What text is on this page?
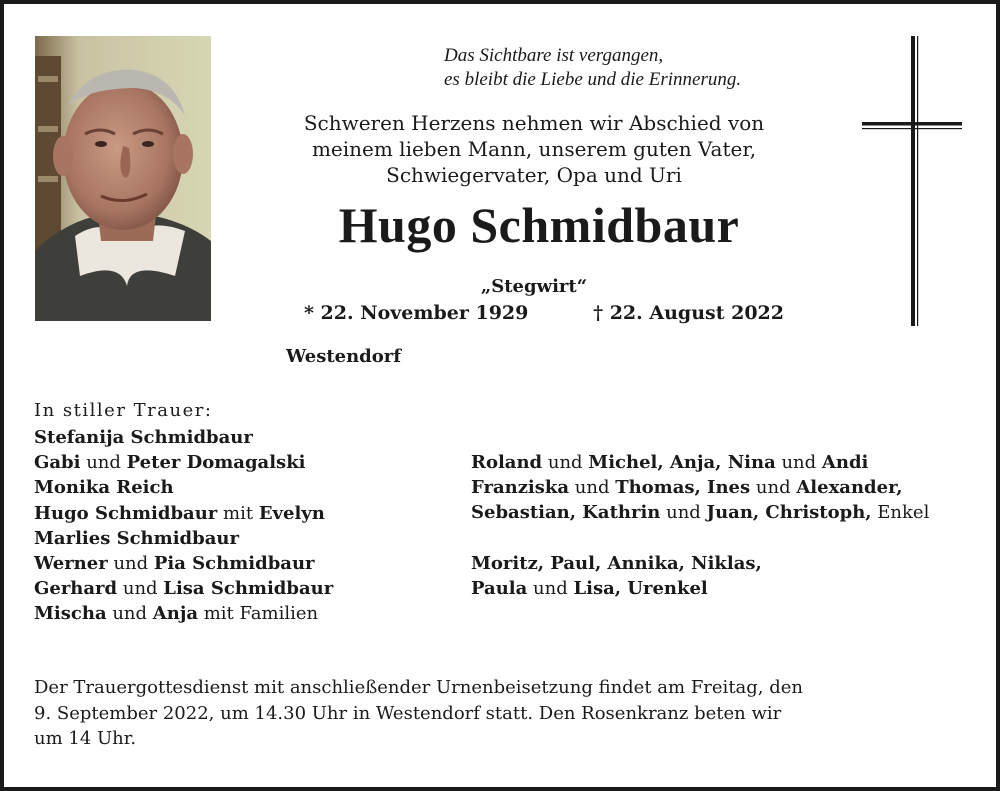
Das Sichtbare ist vergangen,
es bleibt die Liebe und die Erinnerung.
Schweren Herzens nehmen wir Abschied von
meinem lieben Mann, unserem guten Vater,
Schwiegervater, Opa und Uri
Hugo Schmidbaur

„Stegwirt“

* 22. November 1929	† 22. August 2022

Westendorf

In stiller Trauer:

Stefanija Schmidbaur
Gabi und Peter Domagalski
Monika Reich
Hugo Schmidbaur mit Evelyn
Marlies Schmidbaur
Werner und Pia Schmidbaur
Gerhard und Lisa Schmidbaur
Mischa und Anja mit Familien
Roland und Michel, Anja, Nina und Andi
Franziska und Thomas, Ines und Alexander,
Sebastian, Kathrin und Juan, Christoph, Enkel
Moritz, Paul, Annika, Niklas,
Paula und Lisa, Urenkel
Der Trauergottesdienst mit anschließender Urnenbeisetzung findet am Freitag, den
9. September 2022, um 14.30 Uhr in Westendorf statt. Den Rosenkranz beten wir
um 14 Uhr.
